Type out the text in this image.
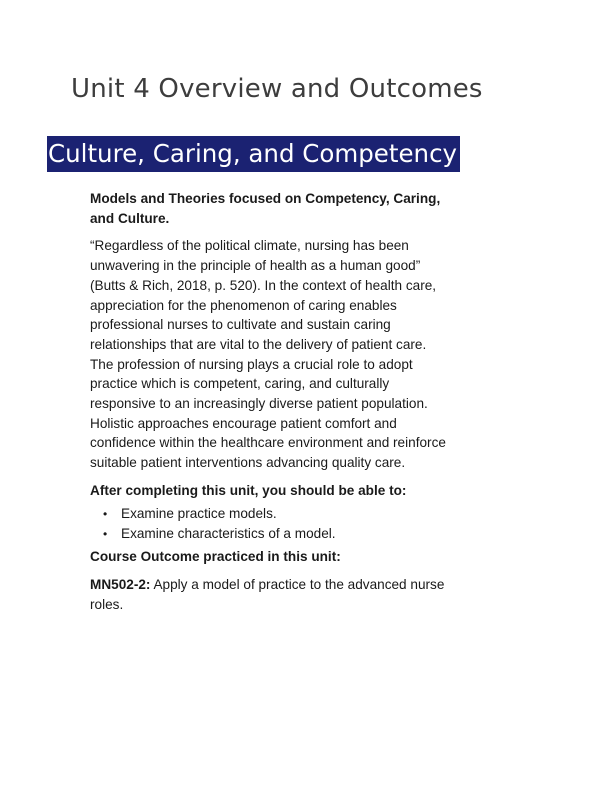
Unit 4 Overview and Outcomes
Culture, Caring, and Competency

Models and Theories focused on Competency, Caring, and Culture.

“Regardless of the political climate, nursing has been unwavering in the principle of health as a human good” (Butts & Rich, 2018, p. 520). In the context of health care, appreciation for the phenomenon of caring enables professional nurses to cultivate and sustain caring relationships that are vital to the delivery of patient care. The profession of nursing plays a crucial role to adopt practice which is competent, caring, and culturally responsive to an increasingly diverse patient population. Holistic approaches encourage patient comfort and confidence within the healthcare environment and reinforce suitable patient interventions advancing quality care.

After completing this unit, you should be able to:

• Examine practice models.
• Examine characteristics of a model.

Course Outcome practiced in this unit:

MN502-2: Apply a model of practice to the advanced nurse roles.
